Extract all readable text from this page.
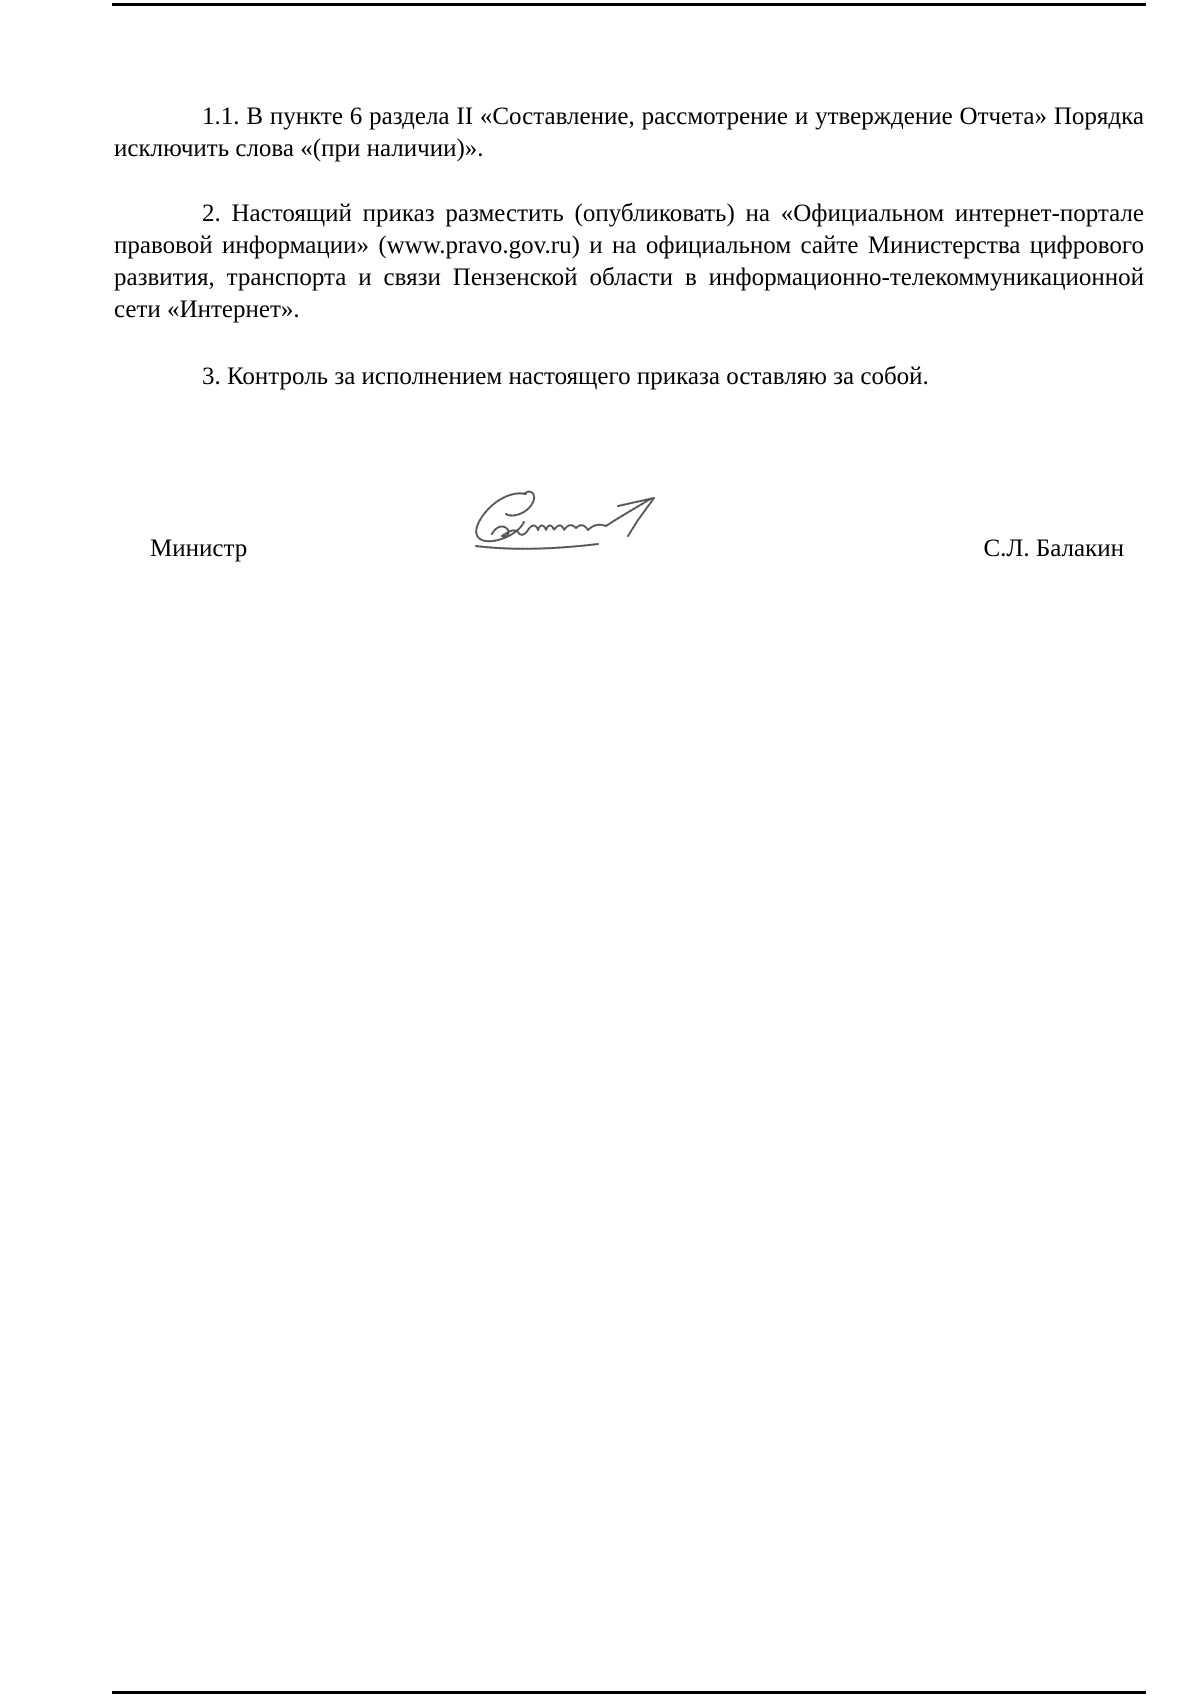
1.1. В пункте 6 раздела II «Составление, рассмотрение и утверждение Отчета» Порядка исключить слова «(при наличии)».

2. Настоящий приказ разместить (опубликовать) на «Официальном интернет-портале правовой информации» (www.pravo.gov.ru) и на официальном сайте Министерства цифрового развития, транспорта и связи Пензенской области в информационно-телекоммуникационной сети «Интернет».

3. Контроль за исполнением настоящего приказа оставляю за собой.

Министр	С.Л. Балакин
